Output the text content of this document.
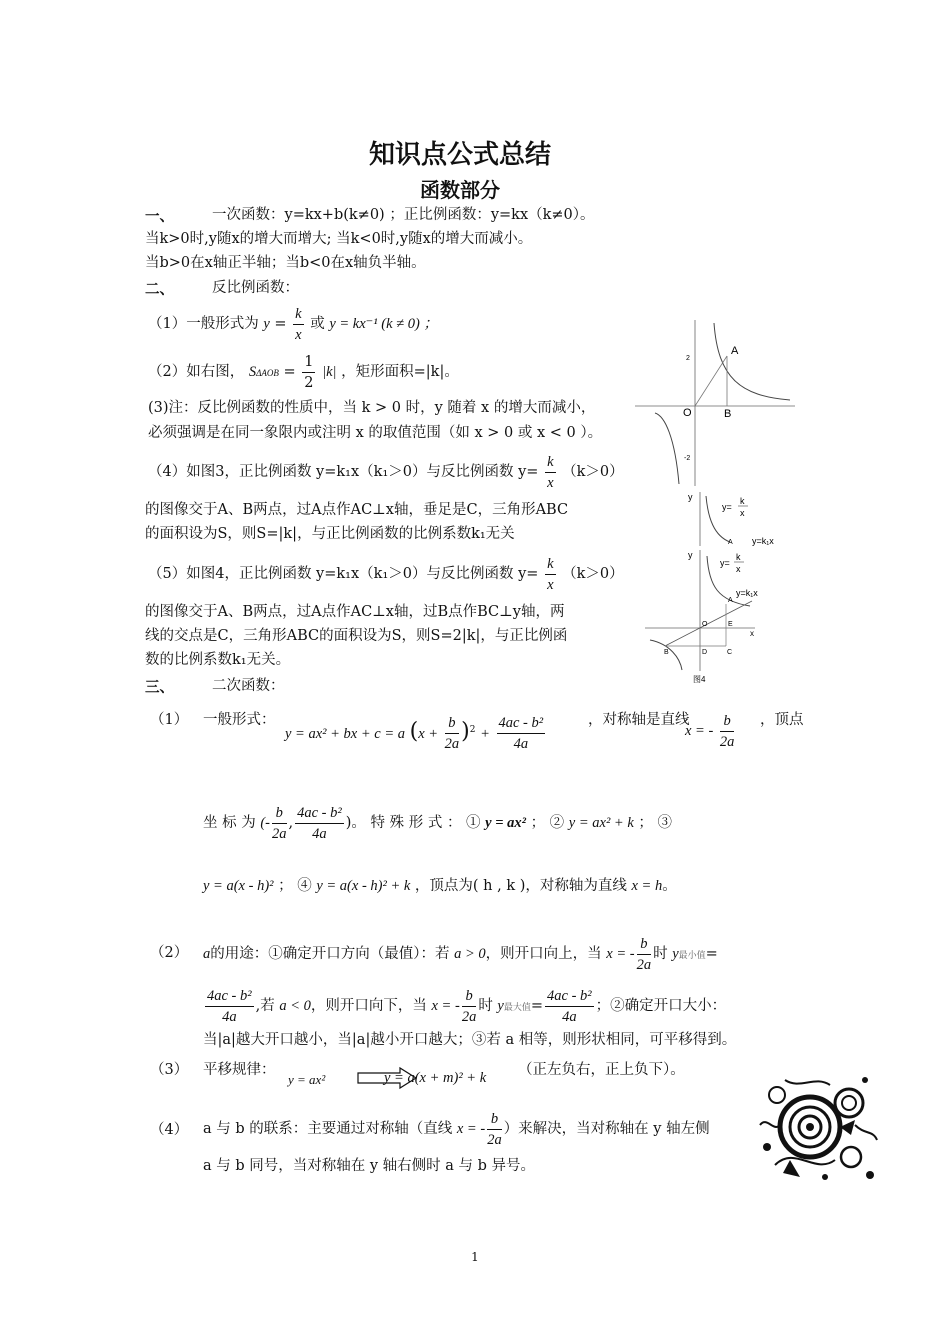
知识点公式总结
函数部分
一、	一次函数：y=kx+b(k≠0) ；正比例函数：y=kx（k≠0）。
当k>0时,y随x的增大而增大; 当k<0时,y随x的增大而减小。
当b>0在x轴正半轴；当b<0在x轴负半轴。
二、	反比例函数：
（1）一般形式为 $y = \frac{k}{x}$ 或 y = kx⁻¹ (k ≠ 0) ；
（2）如右图， $S\Delta AOB = \frac{1}{2} |k|$ ，矩形面积=|k|。
(3)注：反比例函数的性质中，当 k > 0 时，y 随着 x 的增大而减小，
必须强调是在同一象限内或注明 x 的取值范围（如 x > 0 或 x < 0 ）。
（4）如图3，正比例函数 y=k₁x（k₁＞0）与反比例函数 $y= \frac{k}{x} (k>0)$
的图像交于A、B两点，过A点作AC⊥x轴，垂足是C，三角形ABC
的面积设为S，则S=|k|，与正比例函数的比例系数k₁无关
（5）如图4，正比例函数 y=k₁x（k₁＞0）与反比例函数 $y= \frac{k}{x} (k>0)$
的图像交于A、B两点，过A点作AC⊥x轴，过B点作BC⊥y轴，两
线的交点是C，三角形ABC的面积设为S，则S=2|k|，与正比例函
数的比例系数k₁无关。
A
O	B
2
-2
y
y=
k
x
y=k₁x
A
y
y=
k
x
y=k₁x
A
O	E
x
B	D	C
图4
三、	二次函数：
（1） 一般形式：
y = ax² + bx + c = a $(x + \frac{b}{2a} )^2 + \frac{\text{4ac - b²}}{4a}$	，对称轴是直线
x = - $\frac{b}{2a}$ ，顶点
坐 标 为 (- $\frac{b}{2a}$ , $\frac{\text{4ac - b²}}{4a}$ )。 特 殊 形 式 ： ① y = ax² ； ② y = ax² + k ； ③
y = a(x - h)² ； ④ y = a(x - h)² + k ，顶点为( h , k )，对称轴为直线 x = h。
（2） a的用途：①确定开口方向（最值）：若 a > 0，则开口向上，当 x = - $\frac{b}{2a}$ 时 y最小值=
$\frac{\text{4ac - b²}}{4a}$ ,若 a < 0，则开口向下，当 x = - $\frac{b}{2a}$ 时 y最大值= $\frac{\text{4ac - b²}}{4a}$ ；②确定开口大小：
当|a|越大开口越小，当|a|越小开口越大；③若 a 相等，则形状相同，可平移得到。
（3） 平移规律：
y = ax²	y = a(x + m)² + k （正左负右，正上负下）。
（4） a 与 b 的联系：主要通过对称轴（直线 x = - $\frac{b}{2a}$ ）来解决，当对称轴在 y 轴左侧
a 与 b 同号，当对称轴在 y 轴右侧时 a 与 b 异号。
1
